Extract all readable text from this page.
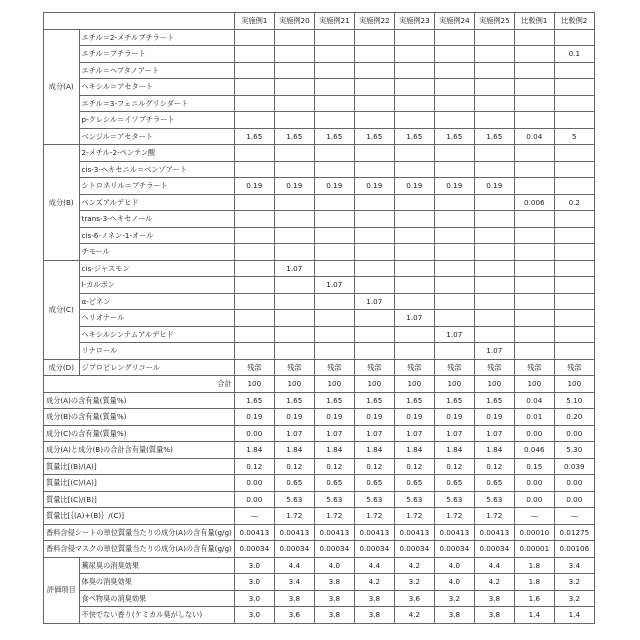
	実施例1	実施例20	実施例21	実施例22	実施例23	実施例24	実施例25	比較例1	比較例2
成分(A)	エチル＝2-メチルブチラート									
エチル＝ブチラート									0.1
エチル＝ヘプタノアート									
ヘキシル＝アセタート									
エチル＝3-フェニルグリシダート									
p-クレシル＝イソブチラート									
ベンジル＝アセタート	1.65	1.65	1.65	1.65	1.65	1.65	1.65	0.04	5
成分(B)	2-メチル-2-ペンテン酸									
cis-3-ヘキセニル＝ベンゾアート									
シトロネリル＝ブチラート	0.19	0.19	0.19	0.19	0.19	0.19	0.19		
ペンズアルデヒド								0.006	0.2
trans-3-ヘキセノール									
cis-6-ノネン-1-オール									
チモール									
成分(C)	cis-ジャスモン		1.07							
l-カルボン			1.07						
α-ピネン				1.07					
ヘリオナール					1.07				
ヘキシルシンナムアルデヒド						1.07			
リナロール							1.07		
成分(D)	ジプロピレングリコール	残部	残部	残部	残部	残部	残部	残部	残部	残部
合計	100	100	100	100	100	100	100	100	100
成分(A)の含有量(質量%)	1.65	1.65	1.65	1.65	1.65	1.65	1.65	0.04	5.10
成分(B)の含有量(質量%)	0.19	0.19	0.19	0.19	0.19	0.19	0.19	0.01	0.20
成分(C)の含有量(質量%)	0.00	1.07	1.07	1.07	1.07	1.07	1.07	0.00	0.00
成分(A)と成分(B)の合計含有量(質量%)	1.84	1.84	1.84	1.84	1.84	1.84	1.84	0.046	5.30
質量比[(B)/(A)]	0.12	0.12	0.12	0.12	0.12	0.12	0.12	0.15	0.039
質量比[(C)/(A)]	0.00	0.65	0.65	0.65	0.65	0.65	0.65	0.00	0.00
質量比[(C)/(B)]	0.00	5.63	5.63	5.63	5.63	5.63	5.63	0.00	0.00
質量比[｛(A)+(B)｝/(C)]	—	1.72	1.72	1.72	1.72	1.72	1.72	—	—
香料含侵シートの単位質量当たりの成分(A)の含有量(g/g)	0.00413	0.00413	0.00413	0.00413	0.00413	0.00413	0.00413	0.00010	0.01275
香料含侵マスクの単位質量当たりの成分(A)の含有量(g/g)	0.00034	0.00034	0.00034	0.00034	0.00034	0.00034	0.00034	0.00001	0.00106
評価項目	糞尿臭の消臭効果	3.0	4.4	4.0	4.4	4.2	4.0	4.4	1.8	3.4
体臭の消臭効果	3.0	3.4	3.8	4.2	3.2	4.0	4.2	1.8	3.2
食べ物臭の消臭効果	3.0	3.8	3.8	3.8	3.6	3.2	3.8	1.6	3.2
不快でない香り(ケミカル臭がしない)	3.0	3.6	3.8	3.8	4.2	3.8	3.8	1.4	1.4
